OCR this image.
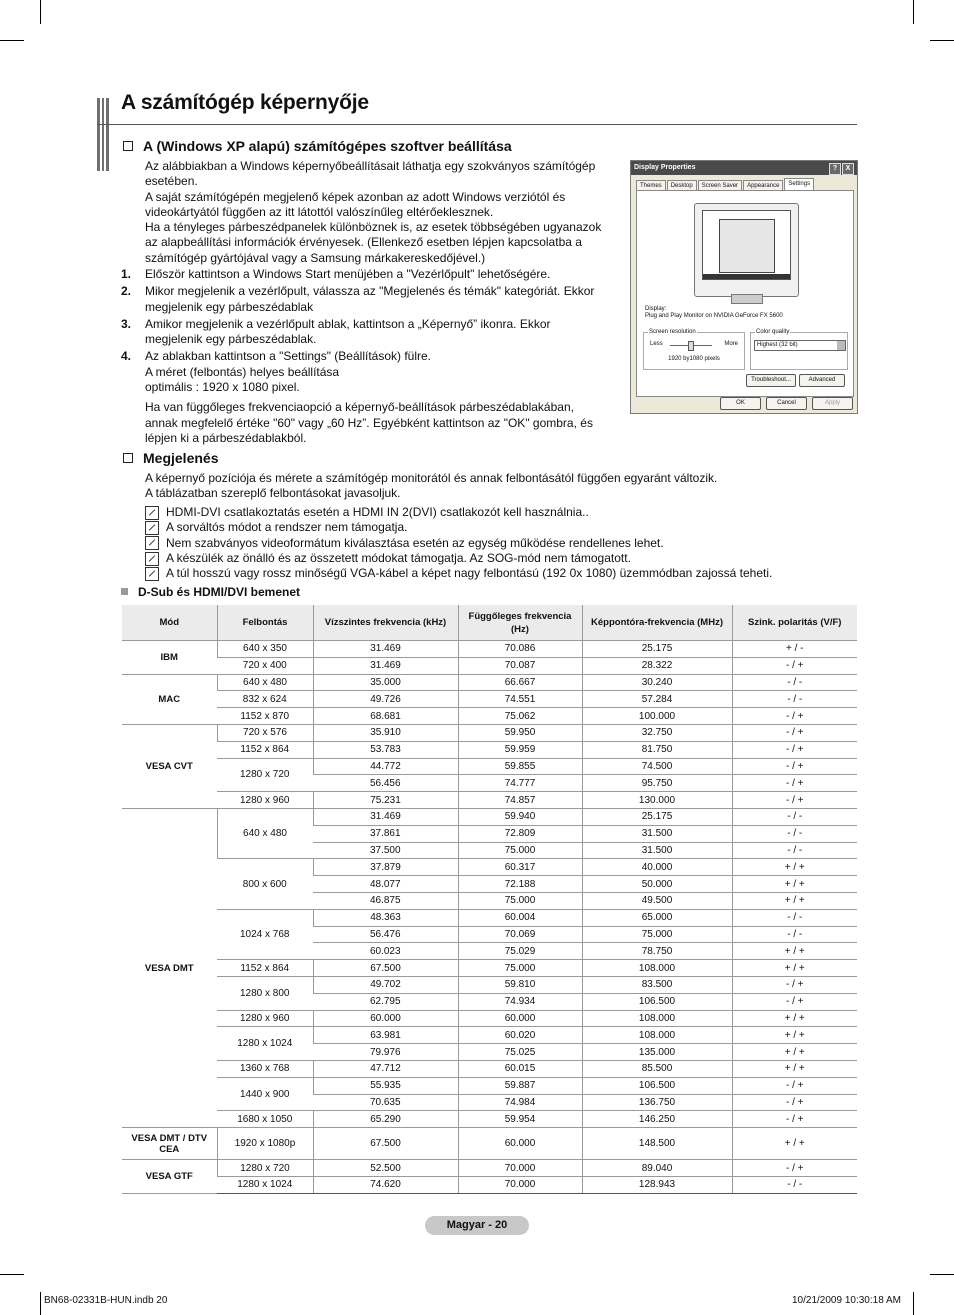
A számítógép képernyője
A (Windows XP alapú) számítógépes szoftver beállítása
Az alábbiakban a Windows képernyőbeállításait láthatja egy szokványos számítógép esetében.
A saját számítógépén megjelenő képek azonban az adott Windows verziótól és videokártyától függően az itt látottól valószínűleg eltérőeklesznek.
Ha a tényleges párbeszédpanelek különböznek is, az esetek többségében ugyanazok az alapbeállítási információk érvényesek. (Ellenkező esetben lépjen kapcsolatba a számítógép gyártójával vagy a Samsung márkakereskedőjével.)
1.	Először kattintson a Windows Start menüjében a "Vezérlőpult" lehetőségére.
2.	Mikor megjelenik a vezérlőpult, válassza az "Megjelenés és témák" kategóriát. Ekkor megjelenik egy párbeszédablak
3.	Amikor megjelenik a vezérlőpult ablak, kattintson a „Képernyő” ikonra. Ekkor megjelenik egy párbeszédablak.
4.	Az ablakban kattintson a "Settings" (Beállítások) fülre.
A méret (felbontás) helyes beállítása
optimális : 1920 x 1080 pixel.
Ha van függőleges frekvenciaopció a képernyő-beállítások párbeszédablakában, annak megfelelő értéke "60" vagy „60 Hz”. Egyébként kattintson az "OK" gombra, és lépjen ki a párbeszédablakból.
Display Properties	?	X
Themes	Desktop	Screen Saver	Appearance	Settings
Display:
Plug and Play Monitor on NVIDIA GeForce FX 5600
Screen resolution
Less	More
1920 by1080 pixels
Color quality
Highest (32 bit)
Troubleshoot...	Advanced
OK	Cancel	Apply
Megjelenés
A képernyő pozíciója és mérete a számítógép monitorától és annak felbontásától függően egyaránt változik.
A táblázatban szereplő felbontásokat javasoljuk.
HDMI-DVI csatlakoztatás esetén a HDMI IN 2(DVI) csatlakozót kell használnia..
A sorváltós módot a rendszer nem támogatja.
Nem szabványos videoformátum kiválasztása esetén az egység működése rendellenes lehet.
A készülék az önálló és az összetett módokat támogatja. Az SOG-mód nem támogatott.
A túl hosszú vagy rossz minőségű VGA-kábel a képet nagy felbontású (192 0x 1080) üzemmódban zajossá teheti.
D-Sub és HDMI/DVI bemenet
Mód	Felbontás	Vízszintes frekvencia (kHz)	Függőleges frekvencia (Hz)	Képpontóra-frekvencia (MHz)	Szink. polaritás (V/F)
IBM	640 x 350	31.469	70.086	25.175	+ / -
	720 x 400	31.469	70.087	28.322	- / +
MAC	640 x 480	35.000	66.667	30.240	- / -
	832 x 624	49.726	74.551	57.284	- / -
	1152 x 870	68.681	75.062	100.000	- / +
VESA CVT	720 x 576	35.910	59.950	32.750	- / +
	1152 x 864	53.783	59.959	81.750	- / +
	1280 x 720	44.772	59.855	74.500	- / +
		56.456	74.777	95.750	- / +
	1280 x 960	75.231	74.857	130.000	- / +
VESA DMT	640 x 480	31.469	59.940	25.175	- / -
		37.861	72.809	31.500	- / -
		37.500	75.000	31.500	- / -
	800 x 600	37.879	60.317	40.000	+ / +
		48.077	72.188	50.000	+ / +
		46.875	75.000	49.500	+ / +
	1024 x 768	48.363	60.004	65.000	- / -
		56.476	70.069	75.000	- / -
		60.023	75.029	78.750	+ / +
	1152 x 864	67.500	75.000	108.000	+ / +
	1280 x 800	49.702	59.810	83.500	- / +
		62.795	74.934	106.500	- / +
	1280 x 960	60.000	60.000	108.000	+ / +
	1280 x 1024	63.981	60.020	108.000	+ / +
		79.976	75.025	135.000	+ / +
	1360 x 768	47.712	60.015	85.500	+ / +
	1440 x 900	55.935	59.887	106.500	- / +
		70.635	74.984	136.750	- / +
	1680 x 1050	65.290	59.954	146.250	- / +
VESA DMT / DTV CEA	1920 x 1080p	67.500	60.000	148.500	+ / +
VESA GTF	1280 x 720	52.500	70.000	89.040	- / +
	1280 x 1024	74.620	70.000	128.943	- / -
Magyar - 20
BN68-02331B-HUN.indb 20	10/21/2009 10:30:18 AM
